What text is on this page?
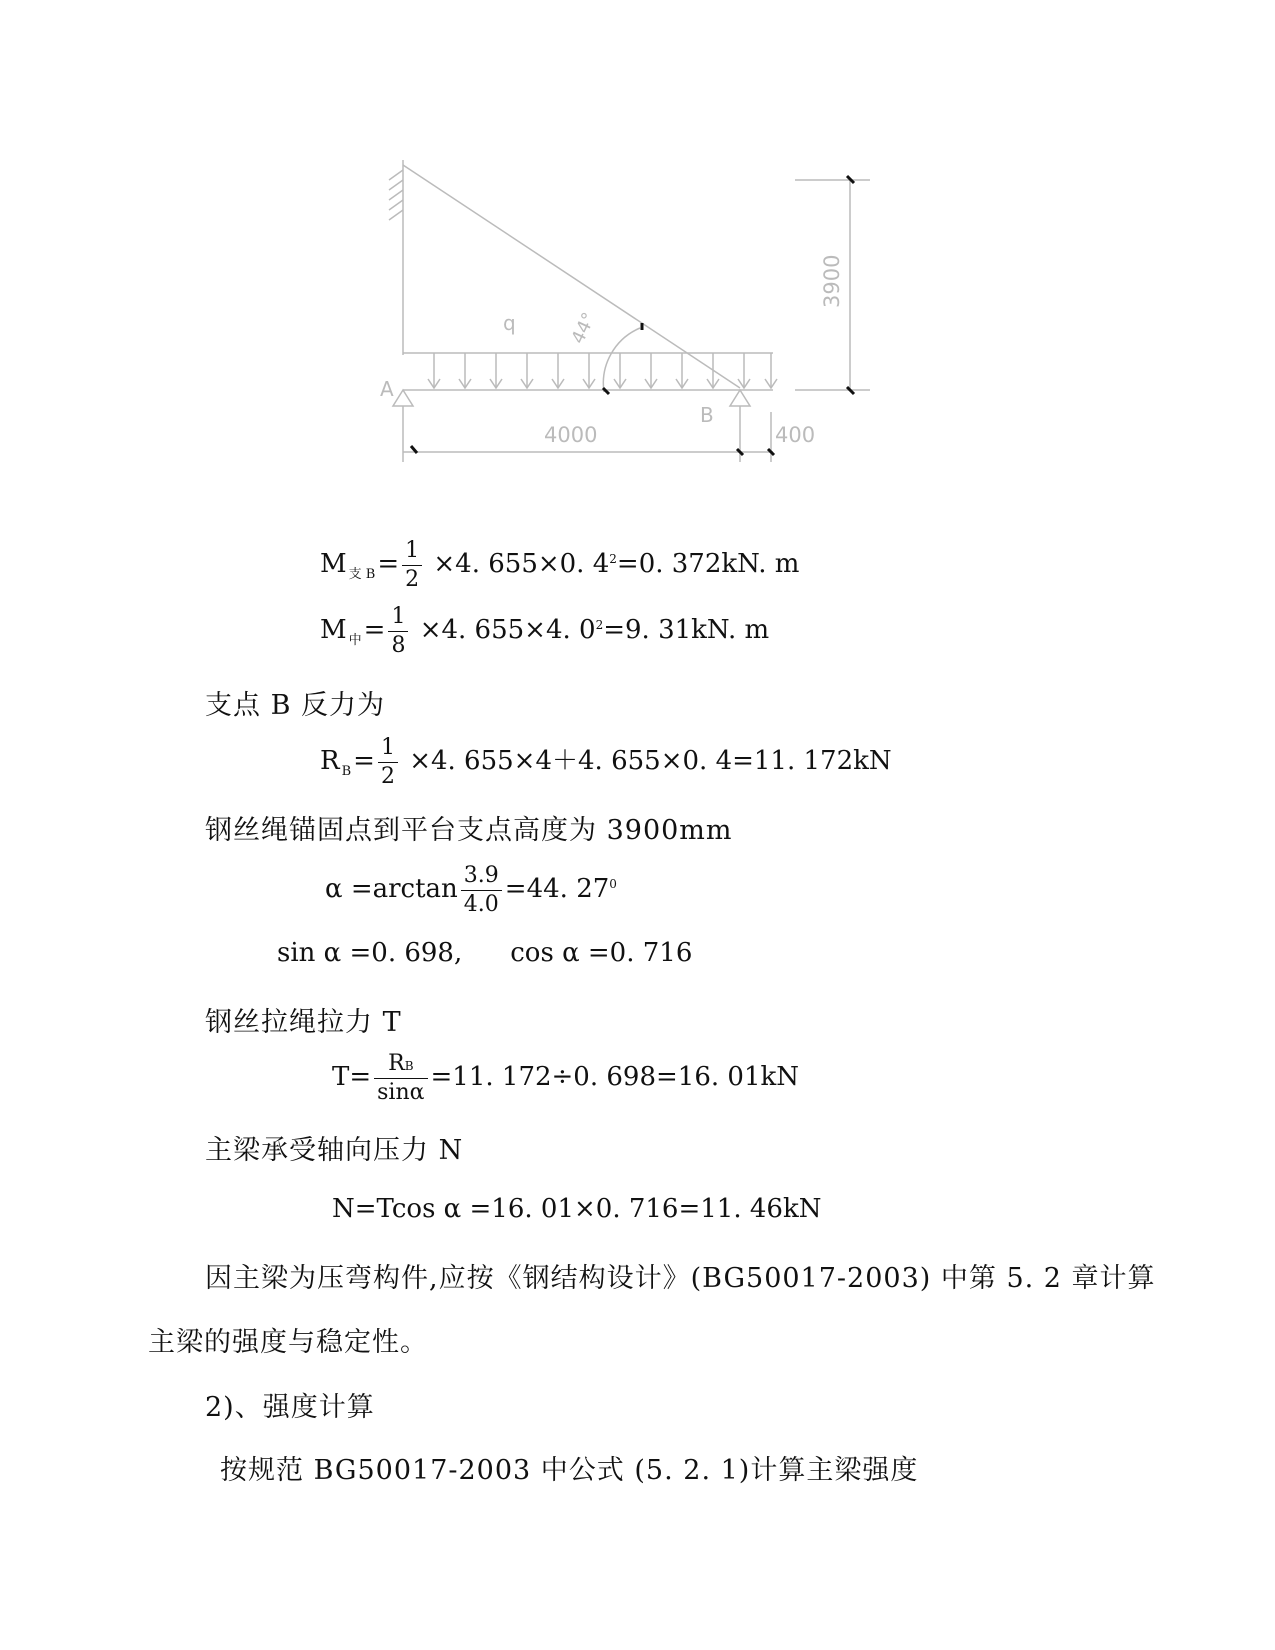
A
B
q	44°
4000	400
3900
M $_{支 B}= \frac{1}{2} \times 4$. 655×0. $4^2=0$. 372kN. m
M $_中= \frac{1}{8} \times 4$. 655×4. $0^2=9$. 31kN. m
支点 B 反力为
R $_B= \frac{1}{2} \times 4$. 655×4＋4. 655×0. 4=11. 172kN
钢丝绳锚固点到平台支点高度为 3900mm
$\alpha =\arctan \frac{3.9}{4.0} =44$. $27^0$
sin α =0. 698, cos α =0. 716
钢丝拉绳拉力 T
$T= \frac{RB}{\sin\alpha} =11$. 172÷0. 698=16. 01kN
主梁承受轴向压力 N
N=Tcos α =16. 01×0. 716=11. 46kN
因主梁为压弯构件,应按《钢结构设计》(BG50017-2003) 中第 5. 2 章计算
主梁的强度与稳定性。
2)、强度计算
按规范 BG50017-2003 中公式 (5. 2. 1)计算主梁强度
